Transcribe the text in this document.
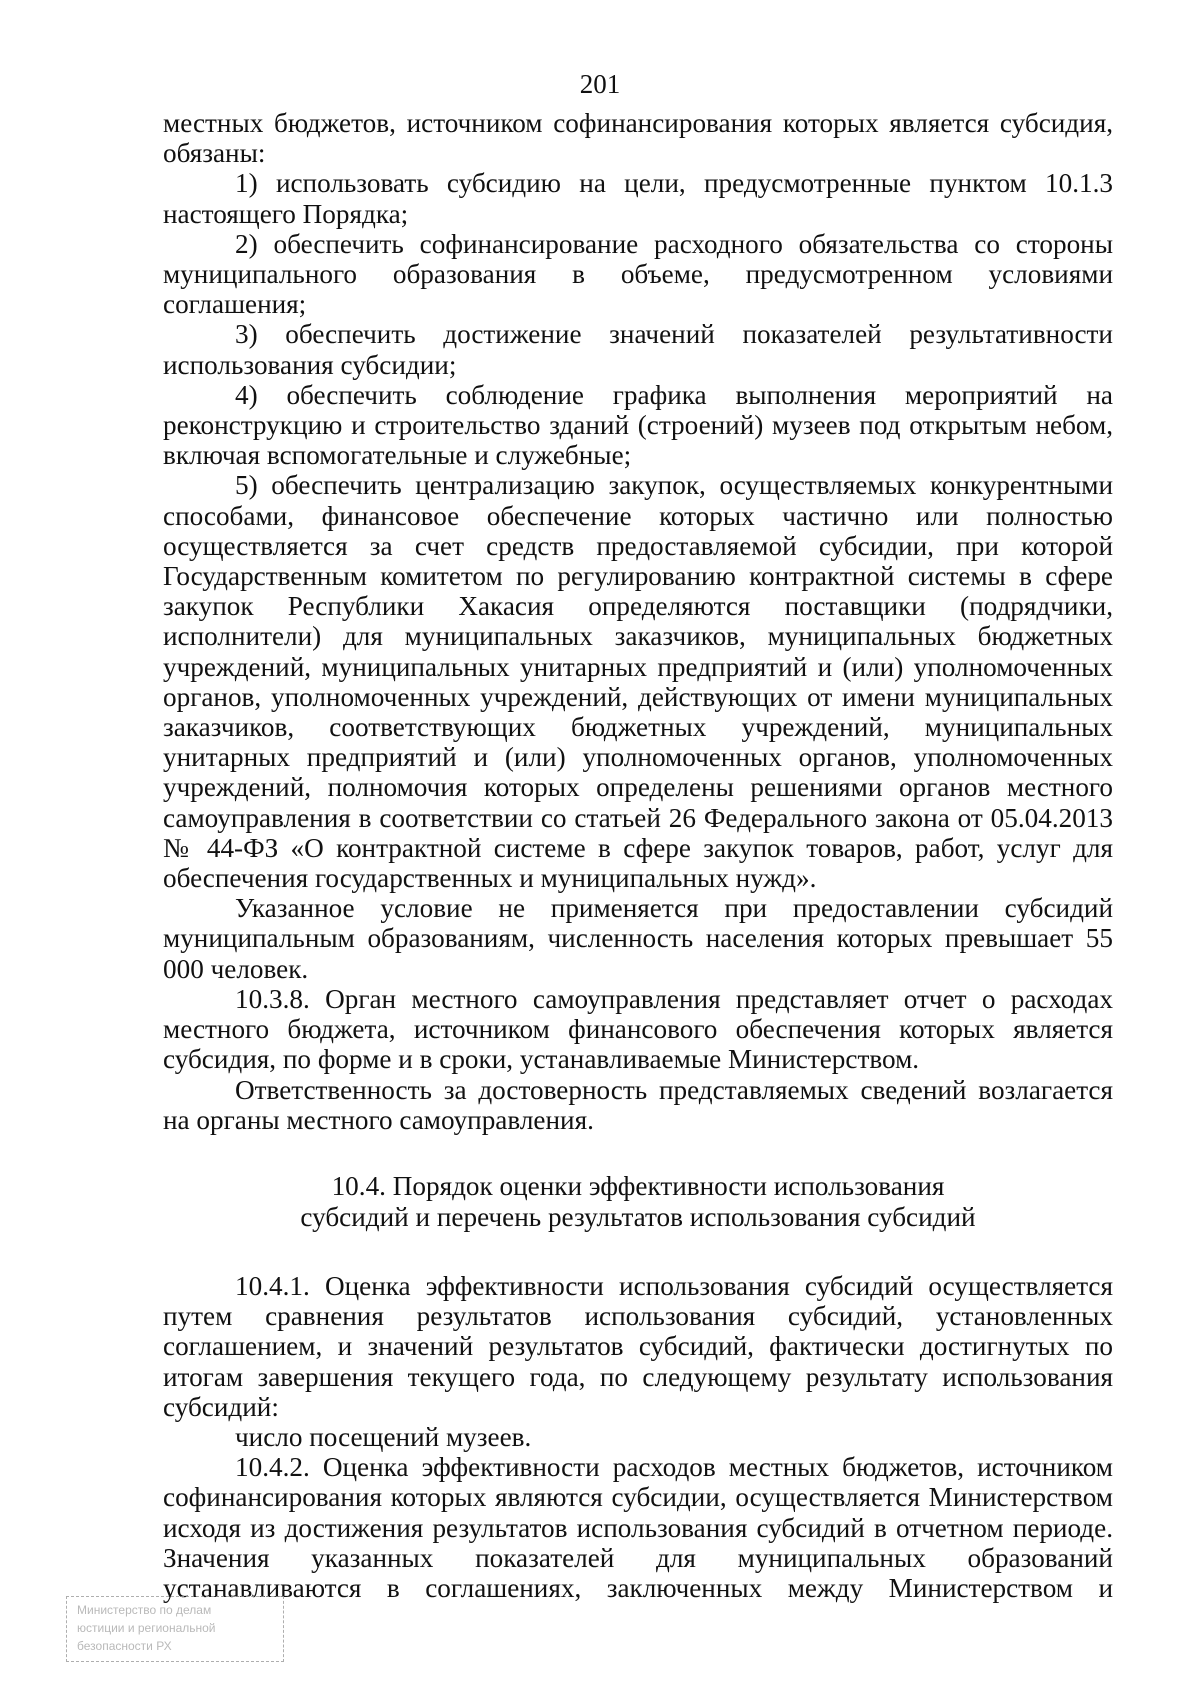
201

местных бюджетов, источником софинансирования которых является субсидия, обязаны:

1) использовать субсидию на цели, предусмотренные пунктом 10.1.3 настоящего Порядка;

2) обеспечить софинансирование расходного обязательства со стороны муниципального образования в объеме, предусмотренном условиями соглашения;

3) обеспечить достижение значений показателей результативности использования субсидии;

4) обеспечить соблюдение графика выполнения мероприятий на реконструкцию и строительство зданий (строений) музеев под открытым небом, включая вспомогательные и служебные;

5) обеспечить централизацию закупок, осуществляемых конкурентными способами, финансовое обеспечение которых частично или полностью осуществляется за счет средств предоставляемой субсидии, при которой Государственным комитетом по регулированию контрактной системы в сфере закупок Республики Хакасия определяются поставщики (подрядчики, исполнители) для муниципальных заказчиков, муниципальных бюджетных учреждений, муниципальных унитарных предприятий и (или) уполномоченных органов, уполномоченных учреждений, действующих от имени муниципальных заказчиков, соответствующих бюджетных учреждений, муниципальных унитарных предприятий и (или) уполномоченных органов, уполномоченных учреждений, полномочия которых определены решениями органов местного самоуправления в соответствии со статьей 26 Федерального закона от 05.04.2013 № 44-ФЗ «О контрактной системе в сфере закупок товаров, работ, услуг для обеспечения государственных и муниципальных нужд».

Указанное условие не применяется при предоставлении субсидий муниципальным образованиям, численность населения которых превышает 55 000 человек.

10.3.8. Орган местного самоуправления представляет отчет о расходах местного бюджета, источником финансового обеспечения которых является субсидия, по форме и в сроки, устанавливаемые Министерством.

Ответственность за достоверность представляемых сведений возлагается на органы местного самоуправления.

10.4. Порядок оценки эффективности использования
субсидий и перечень результатов использования субсидий

10.4.1. Оценка эффективности использования субсидий осуществляется путем сравнения результатов использования субсидий, установленных соглашением, и значений результатов субсидий, фактически достигнутых по итогам завершения текущего года, по следующему результату использования субсидий:

число посещений музеев.

10.4.2. Оценка эффективности расходов местных бюджетов, источником софинансирования которых являются субсидии, осуществляется Министерством исходя из достижения результатов использования субсидий в отчетном периоде. Значения указанных показателей для муниципальных образований устанавливаются в соглашениях, заключенных между Министерством и

Министерство по делам
юстиции и региональной
безопасности РХ
